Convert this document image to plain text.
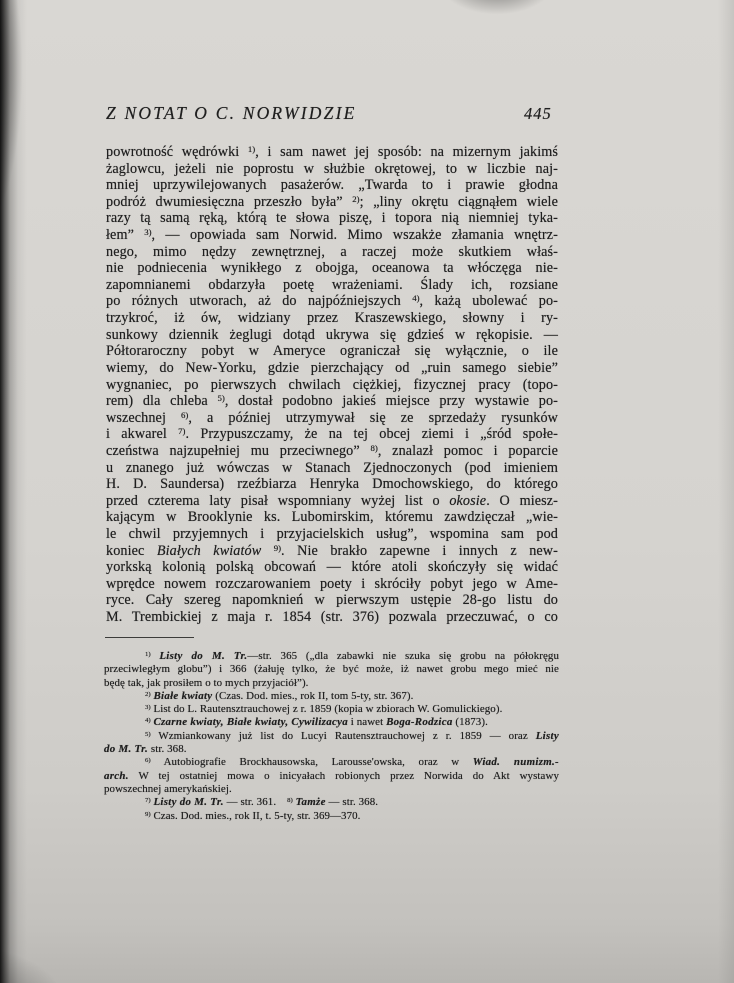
Z NOTAT O C. NORWIDZIE	445
powrotność wędrówki $^{1)}$, i sam nawet jej sposób: na mizernym jakimś
żaglowcu, jeżeli nie poprostu w służbie okrętowej, to w liczbie naj-
mniej uprzywilejowanych pasażerów. „Twarda to i prawie głodna
podróż dwumiesięczna przeszło była” $^{2)}$; „liny okrętu ciągnąłem wiele
razy tą samą ręką, którą te słowa piszę, i topora nią niemniej tyka-
łem” $^{3)}$, — opowiada sam Norwid. Mimo wszakże złamania wnętrz-
nego, mimo nędzy zewnętrznej, a raczej może skutkiem właś-
nie podniecenia wynikłego z obojga, oceanowa ta włóczęga nie-
zapomnianemi obdarzyła poetę wrażeniami. Ślady ich, rozsiane
po różnych utworach, aż do najpóźniejszych $^{4)}$, każą ubolewać po-
trzykroć, iż ów, widziany przez Kraszewskiego, słowny i ry-
sunkowy dziennik żeglugi dotąd ukrywa się gdzieś w rękopisie. —
Półtoraroczny pobyt w Ameryce ograniczał się wyłącznie, o ile
wiemy, do New-Yorku, gdzie pierzchający od „ruin samego siebie”
wygnaniec, po pierwszych chwilach ciężkiej, fizycznej pracy (topo-
rem) dla chleba $^{5)}$, dostał podobno jakieś miejsce przy wystawie po-
wszechnej $^{6)}$, a później utrzymywał się ze sprzedaży rysunków
i akwarel $^{7)}$. Przypuszczamy, że na tej obcej ziemi i „śród społe-
czeństwa najzupełniej mu przeciwnego” $^{8)}$, znalazł pomoc i poparcie
u znanego już wówczas w Stanach Zjednoczonych (pod imieniem
H. D. Saundersa) rzeźbiarza Henryka Dmochowskiego, do którego
przed czterema laty pisał wspomniany wyżej list o okosie. O miesz-
kającym w Brooklynie ks. Lubomirskim, któremu zawdzięczał „wie-
le chwil przyjemnych i przyjacielskich usług”, wspomina sam pod
koniec Białych kwiatów $^{9)}$. Nie brakło zapewne i innych z new-
yorkską kolonią polską obcowań — które atoli skończyły się widać
wprędce nowem rozczarowaniem poety i skróciły pobyt jego w Ame-
ryce. Cały szereg napomknień w pierwszym ustępie 28-go listu do
M. Trembickiej z maja r. 1854 (str. 376) pozwala przeczuwać, o co
$^{1)}$ Listy do M. Tr.—str. 365 („dla zabawki nie szuka się grobu na półokręgu
przeciwległym globu”) i 366 (żałuję tylko, że być może, iż nawet grobu mego mieć nie
będę tak, jak prosiłem o to mych przyjaciół”).
$^{2)}$ Białe kwiaty (Czas. Dod. mies., rok II, tom 5-ty, str. 367).
$^{3)}$ List do L. Rautensztrauchowej z r. 1859 (kopia w zbiorach W. Gomulickiego).
$^{4)}$ Czarne kwiaty, Białe kwiaty, Cywilizacya i nawet Boga-Rodzica (1873).
$^{5)}$ Wzmiankowany już list do Lucyi Rautensztrauchowej z r. 1859 — oraz Listy
do M. Tr. str. 368.
$^{6)}$ Autobiografie Brockhausowska, Larousse'owska, oraz w Wiad. numizm.-
arch. W tej ostatniej mowa o inicyałach robionych przez Norwida do Akt wystawy
powszechnej amerykańskiej.
$^{7)}$ Listy do M. Tr. — str. 361. $^{8)}$ Tamże — str. 368.
$^{9)}$ Czas. Dod. mies., rok II, t. 5-ty, str. 369—370.
